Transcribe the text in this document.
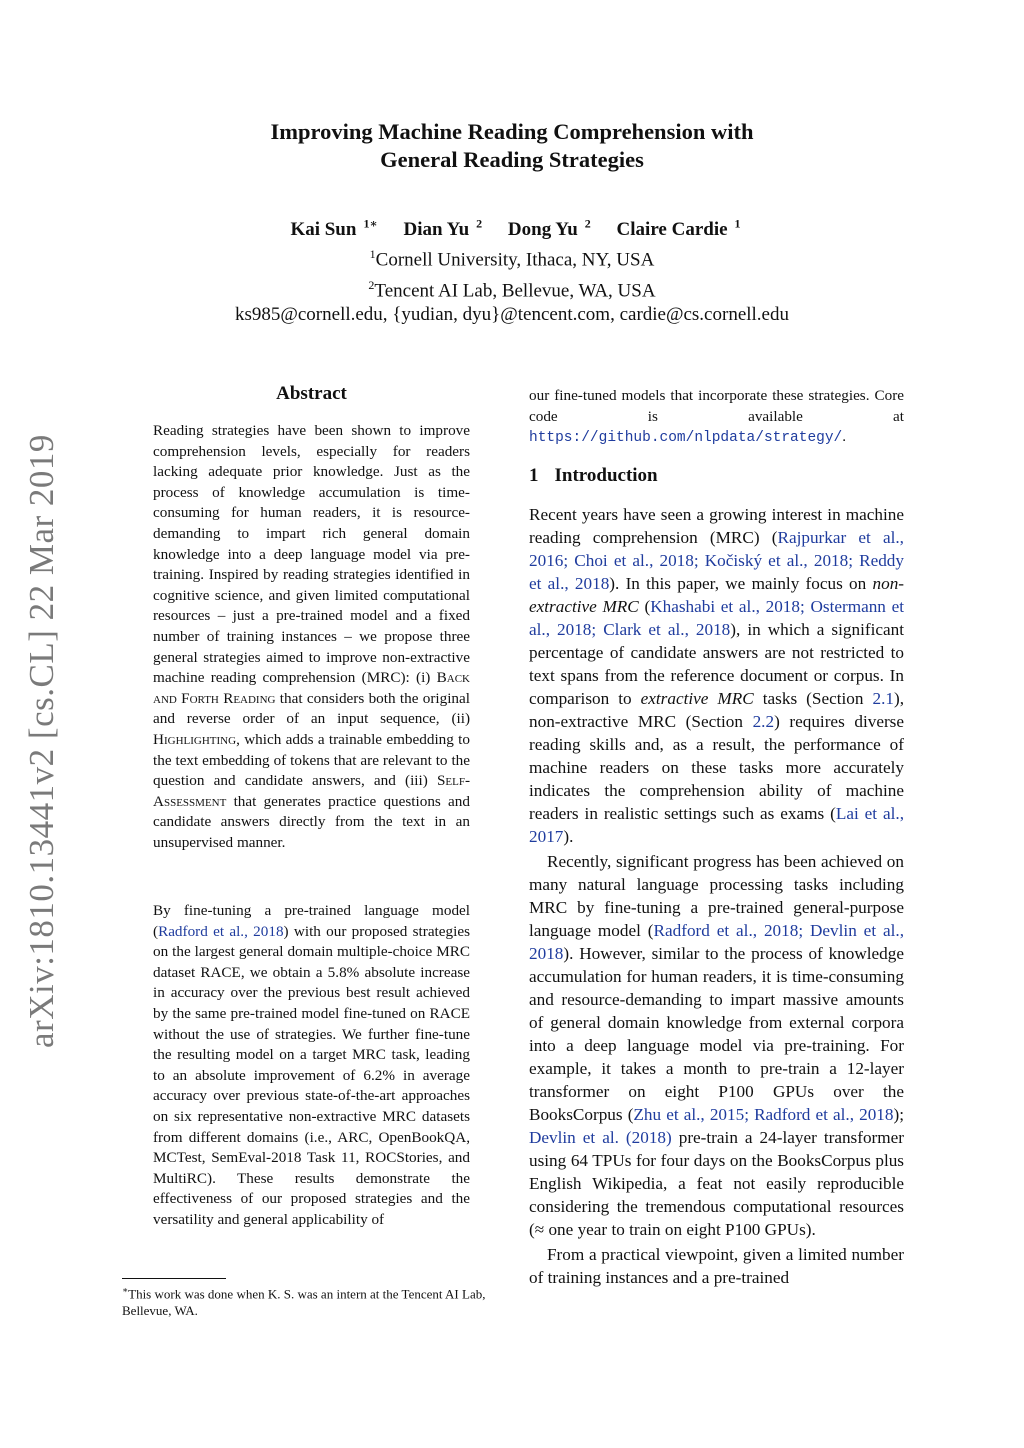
arXiv:1810.13441v2 [cs.CL] 22 Mar 2019
Improving Machine Reading Comprehension with
General Reading Strategies
Kai Sun $^{1∗}$ Dian Yu $^2$ Dong Yu $^2$ Claire Cardie $^1$
$^1$Cornell University, Ithaca, NY, USA
$^2$Tencent AI Lab, Bellevue, WA, USA
ks985@cornell.edu, {yudian, dyu}@tencent.com, cardie@cs.cornell.edu
Abstract

Reading strategies have been shown to improve comprehension levels, especially for readers lacking adequate prior knowledge. Just as the process of knowledge accumulation is time-consuming for human readers, it is resource-demanding to impart rich general domain knowledge into a deep language model via pre-training. Inspired by reading strategies identified in cognitive science, and given limited computational resources – just a pre-trained model and a fixed number of training instances – we propose three general strategies aimed to improve non-extractive machine reading comprehension (MRC): (i) Back and Forth Reading that considers both the original and reverse order of an input sequence, (ii) Highlighting, which adds a trainable embedding to the text embedding of tokens that are relevant to the question and candidate answers, and (iii) Self-Assessment that generates practice questions and candidate answers directly from the text in an unsupervised manner.

By fine-tuning a pre-trained language model (Radford et al., 2018) with our proposed strategies on the largest general domain multiple-choice MRC dataset RACE, we obtain a 5.8% absolute increase in accuracy over the previous best result achieved by the same pre-trained model fine-tuned on RACE without the use of strategies. We further fine-tune the resulting model on a target MRC task, leading to an absolute improvement of 6.2% in average accuracy over previous state-of-the-art approaches on six representative non-extractive MRC datasets from different domains (i.e., ARC, OpenBookQA, MCTest, SemEval-2018 Task 11, ROCStories, and MultiRC). These results demonstrate the effectiveness of our proposed strategies and the versatility and general applicability of

∗This work was done when K. S. was an intern at the Tencent AI Lab, Bellevue, WA.
our fine-tuned models that incorporate these strategies. Core code is available at https://github.com/nlpdata/strategy/.
1 Introduction

Recent years have seen a growing interest in machine reading comprehension (MRC) (Rajpurkar et al., 2016; Choi et al., 2018; Kočiský et al., 2018; Reddy et al., 2018). In this paper, we mainly focus on non-extractive MRC (Khashabi et al., 2018; Ostermann et al., 2018; Clark et al., 2018), in which a significant percentage of candidate answers are not restricted to text spans from the reference document or corpus. In comparison to extractive MRC tasks (Section 2.1), non-extractive MRC (Section 2.2) requires diverse reading skills and, as a result, the performance of machine readers on these tasks more accurately indicates the comprehension ability of machine readers in realistic settings such as exams (Lai et al., 2017).

Recently, significant progress has been achieved on many natural language processing tasks including MRC by fine-tuning a pre-trained general-purpose language model (Radford et al., 2018; Devlin et al., 2018). However, similar to the process of knowledge accumulation for human readers, it is time-consuming and resource-demanding to impart massive amounts of general domain knowledge from external corpora into a deep language model via pre-training. For example, it takes a month to pre-train a 12-layer transformer on eight P100 GPUs over the BooksCorpus (Zhu et al., 2015; Radford et al., 2018); Devlin et al. (2018) pre-train a 24-layer transformer using 64 TPUs for four days on the BooksCorpus plus English Wikipedia, a feat not easily reproducible considering the tremendous computational resources (≈ one year to train on eight P100 GPUs).

From a practical viewpoint, given a limited number of training instances and a pre-trained
